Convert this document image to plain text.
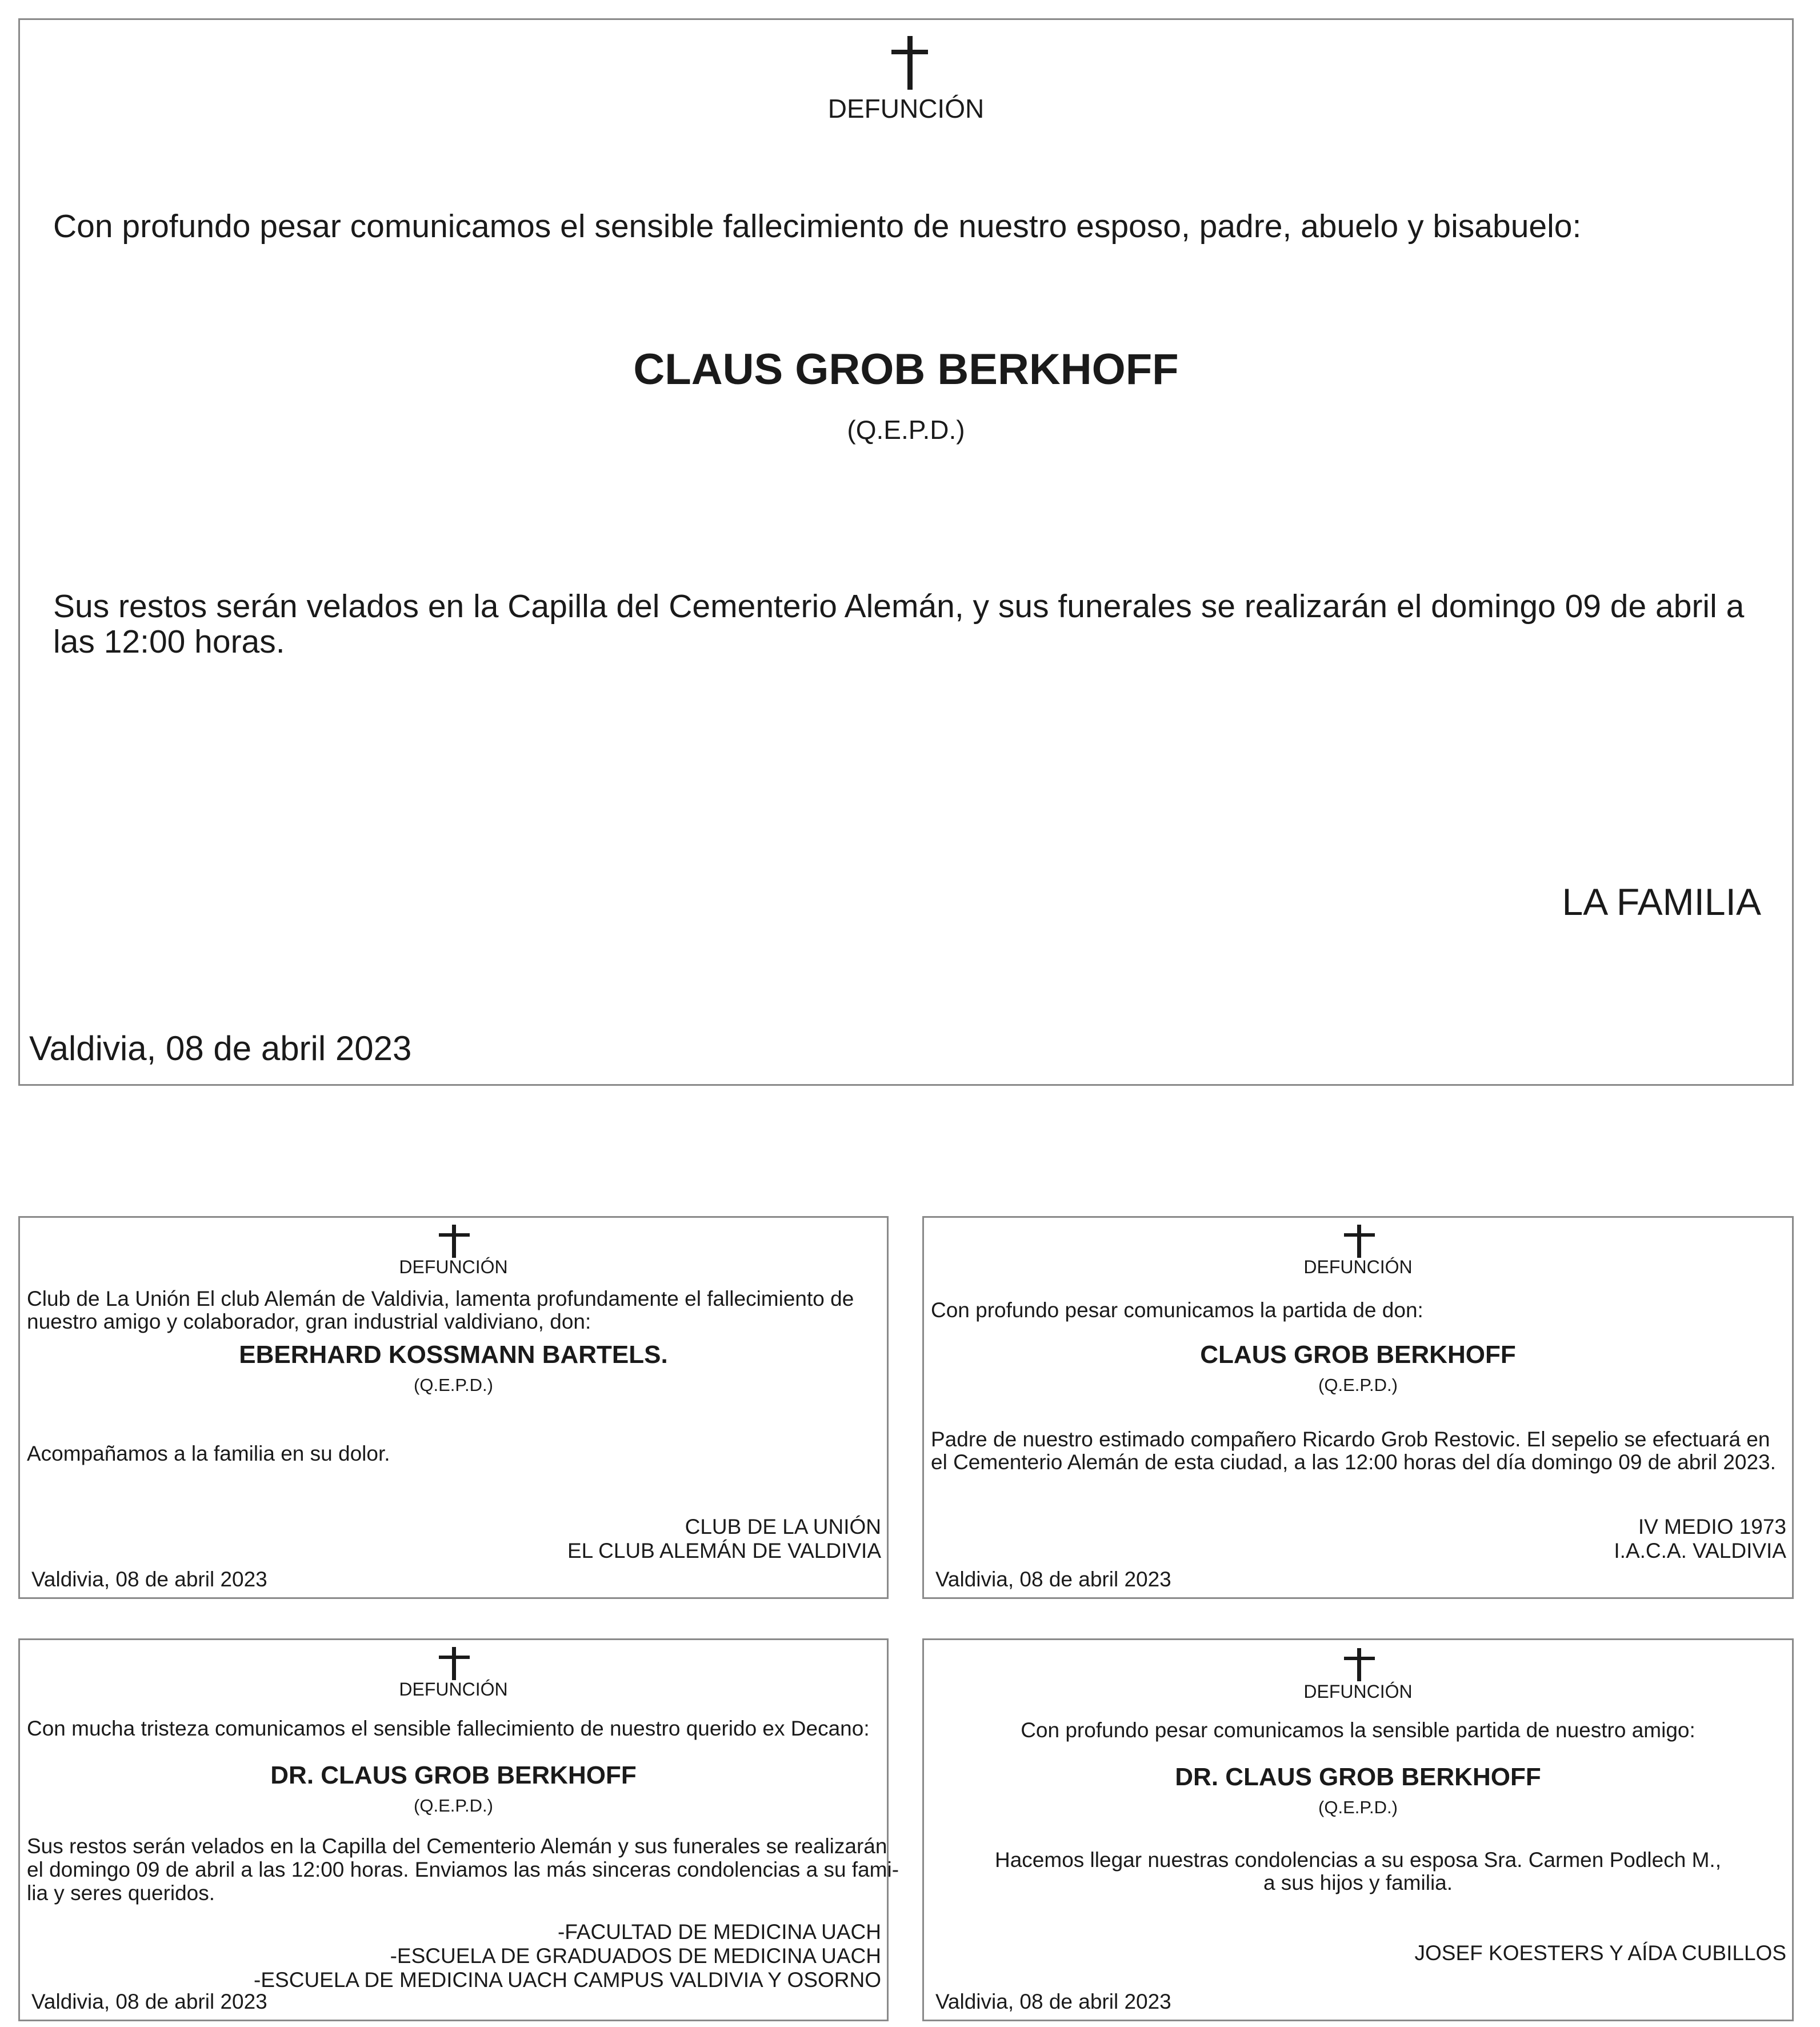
DEFUNCIÓN

Con profundo pesar comunicamos el sensible fallecimiento de nuestro esposo, padre, abuelo y bisabuelo:

CLAUS GROB BERKHOFF

(Q.E.P.D.)

Sus restos serán velados en la Capilla del Cementerio Alemán, y sus funerales se realizarán el domingo 09 de abril a las 12:00 horas.

LA FAMILIA

Valdivia, 08 de abril 2023

DEFUNCIÓN

Club de La Unión El club Alemán de Valdivia, lamenta profundamente el fallecimiento de
nuestro amigo y colaborador, gran industrial valdiviano, don:

EBERHARD KOSSMANN BARTELS.

(Q.E.P.D.)

Acompañamos a la familia en su dolor.
CLUB DE LA UNIÓN
EL CLUB ALEMÁN DE VALDIVIA

Valdivia, 08 de abril 2023

DEFUNCIÓN

Con profundo pesar comunicamos la partida de don:

CLAUS GROB BERKHOFF

(Q.E.P.D.)

Padre de nuestro estimado compañero Ricardo Grob Restovic. El sepelio se efectuará en
el Cementerio Alemán de esta ciudad, a las 12:00 horas del día domingo 09 de abril 2023.
IV MEDIO 1973
I.A.C.A. VALDIVIA

Valdivia, 08 de abril 2023

DEFUNCIÓN

Con mucha tristeza comunicamos el sensible fallecimiento de nuestro querido ex Decano:

DR. CLAUS GROB BERKHOFF

(Q.E.P.D.)

Sus restos serán velados en la Capilla del Cementerio Alemán y sus funerales se realizarán
el domingo 09 de abril a las 12:00 horas. Enviamos las más sinceras condolencias a su fami-
lia y seres queridos.
-FACULTAD DE MEDICINA UACH
-ESCUELA DE GRADUADOS DE MEDICINA UACH
-ESCUELA DE MEDICINA UACH CAMPUS VALDIVIA Y OSORNO

Valdivia, 08 de abril 2023

DEFUNCIÓN

Con profundo pesar comunicamos la sensible partida de nuestro amigo:

DR. CLAUS GROB BERKHOFF

(Q.E.P.D.)

Hacemos llegar nuestras condolencias a su esposa Sra. Carmen Podlech M.,
a sus hijos y familia.
JOSEF KOESTERS Y AÍDA CUBILLOS

Valdivia, 08 de abril 2023
